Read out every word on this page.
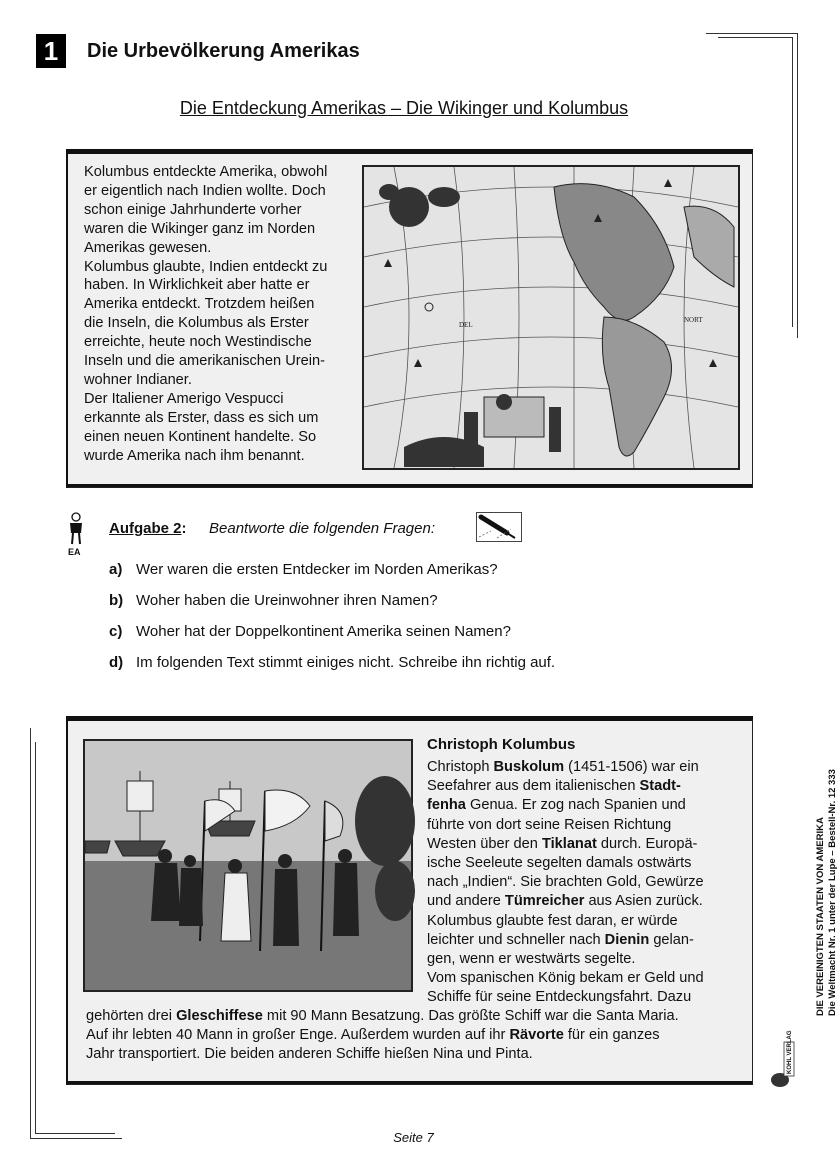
1	Die Urbevölkerung Amerikas
Die Entdeckung Amerikas – Die Wikinger und Kolumbus
Kolumbus entdeckte Amerika, obwohl
er eigentlich nach Indien wollte. Doch
schon einige Jahrhunderte vorher
waren die Wikinger ganz im Norden
Amerikas gewesen.
Kolumbus glaubte, Indien entdeckt zu
haben. In Wirklichkeit aber hatte er
Amerika entdeckt. Trotzdem heißen
die Inseln, die Kolumbus als Erster
erreichte, heute noch Westindische
Inseln und die amerikanischen Urein-
wohner Indianer.
Der Italiener Amerigo Vespucci
erkannte als Erster, dass es sich um
einen neuen Kontinent handelte. So
wurde Amerika nach ihm benannt.
DEL
NORT
EA
Aufgabe 2: Beantworte die folgenden Fragen:
a) Wer waren die ersten Entdecker im Norden Amerikas?
b) Woher haben die Ureinwohner ihren Namen?
c) Woher hat der Doppelkontinent Amerika seinen Namen?
d) Im folgenden Text stimmt einiges nicht. Schreibe ihn richtig auf.
Christoph Kolumbus
Christoph Buskolum (1451-1506) war ein
Seefahrer aus dem italienischen Stadt-
fenha Genua. Er zog nach Spanien und
führte von dort seine Reisen Richtung
Westen über den Tiklanat durch. Europä-
ische Seeleute segelten damals ostwärts
nach „Indien“. Sie brachten Gold, Gewürze
und andere Tümreicher aus Asien zurück.
Kolumbus glaubte fest daran, er würde
leichter und schneller nach Dienin gelan-
gen, wenn er westwärts segelte.
Vom spanischen König bekam er Geld und
Schiffe für seine Entdeckungsfahrt. Dazu
gehörten drei Gleschiffese mit 90 Mann Besatzung. Das größte Schiff war die Santa Maria.
Auf ihr lebten 40 Mann in großer Enge. Außerdem wurden auf ihr Rävorte für ein ganzes
Jahr transportiert. Die beiden anderen Schiffe hießen Nina und Pinta.
DIE VEREINIGTEN STAATEN VON AMERIKA Die Weltmacht Nr. 1 unter der Lupe – Bestell-Nr. 12 333
KOHL VERLAG
Seite 7
